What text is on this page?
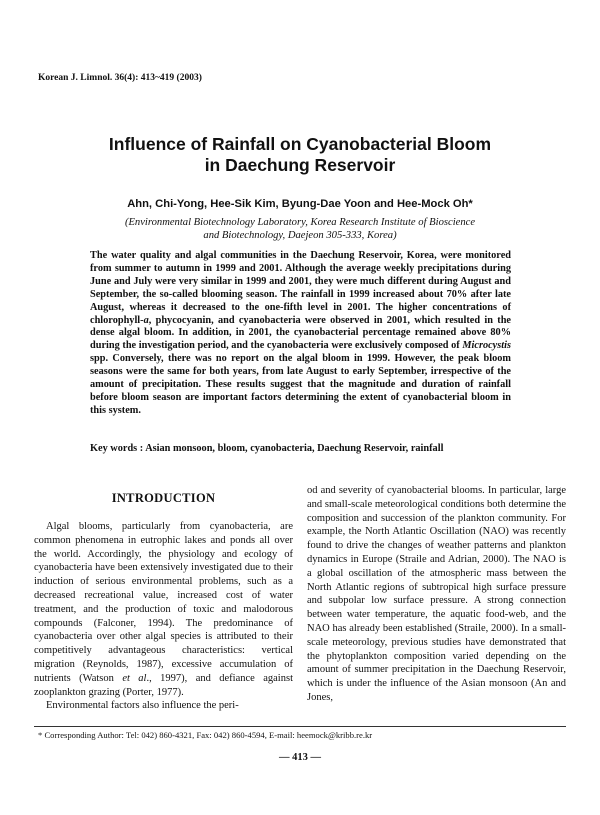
Korean J. Limnol. 36(4): 413~419 (2003)
Influence of Rainfall on Cyanobacterial Bloom
in Daechung Reservoir
Ahn, Chi-Yong, Hee-Sik Kim, Byung-Dae Yoon and Hee-Mock Oh*
(Environmental Biotechnology Laboratory, Korea Research Institute of Bioscience
and Biotechnology, Daejeon 305-333, Korea)
The water quality and algal communities in the Daechung Reservoir, Korea, were monitored from summer to autumn in 1999 and 2001. Although the average weekly precipitations during June and July were very similar in 1999 and 2001, they were much different during August and September, the so-called blooming season. The rainfall in 1999 increased about 70% after late August, whereas it decreased to the one-fifth level in 2001. The higher concentrations of chlorophyll-a, phycocyanin, and cyanobacteria were observed in 2001, which resulted in the dense algal bloom. In addition, in 2001, the cyanobacterial percentage remained above 80% during the investigation period, and the cyanobacteria were exclusively composed of Microcystis spp. Conversely, there was no report on the algal bloom in 1999. However, the peak bloom seasons were the same for both years, from late August to early September, irrespective of the amount of precipitation. These results suggest that the magnitude and duration of rainfall before bloom season are important factors determining the extent of cyanobacterial bloom in this system.
Key words : Asian monsoon, bloom, cyanobacteria, Daechung Reservoir, rainfall
INTRODUCTION

Algal blooms, particularly from cyanobacteria, are common phenomena in eutrophic lakes and ponds all over the world. Accordingly, the physiology and ecology of cyanobacteria have been extensively investigated due to their induction of serious environmental problems, such as a decreased recreational value, increased cost of water treatment, and the production of toxic and malodorous compounds (Falconer, 1994). The predominance of cyanobacteria over other algal species is attributed to their competitively advantageous characteristics: vertical migration (Reynolds, 1987), excessive accumulation of nutrients (Watson et al., 1997), and defiance against zooplankton grazing (Porter, 1977).

Environmental factors also influence the peri-

od and severity of cyanobacterial blooms. In particular, large and small-scale meteorological conditions both determine the composition and succession of the plankton community. For example, the North Atlantic Oscillation (NAO) was recently found to drive the changes of weather patterns and plankton dynamics in Europe (Straile and Adrian, 2000). The NAO is a global oscillation of the atmospheric mass between the North Atlantic regions of subtropical high surface pressure and subpolar low surface pressure. A strong connection between water temperature, the aquatic food-web, and the NAO has already been established (Straile, 2000). In a small-scale meteorology, previous studies have demonstrated that the phytoplankton composition varied depending on the amount of summer precipitation in the Daechung Reservoir, which is under the influence of the Asian monsoon (An and Jones,

* Corresponding Author: Tel: 042) 860-4321, Fax: 042) 860-4594, E-mail: heemock@kribb.re.kr
— 413 —
